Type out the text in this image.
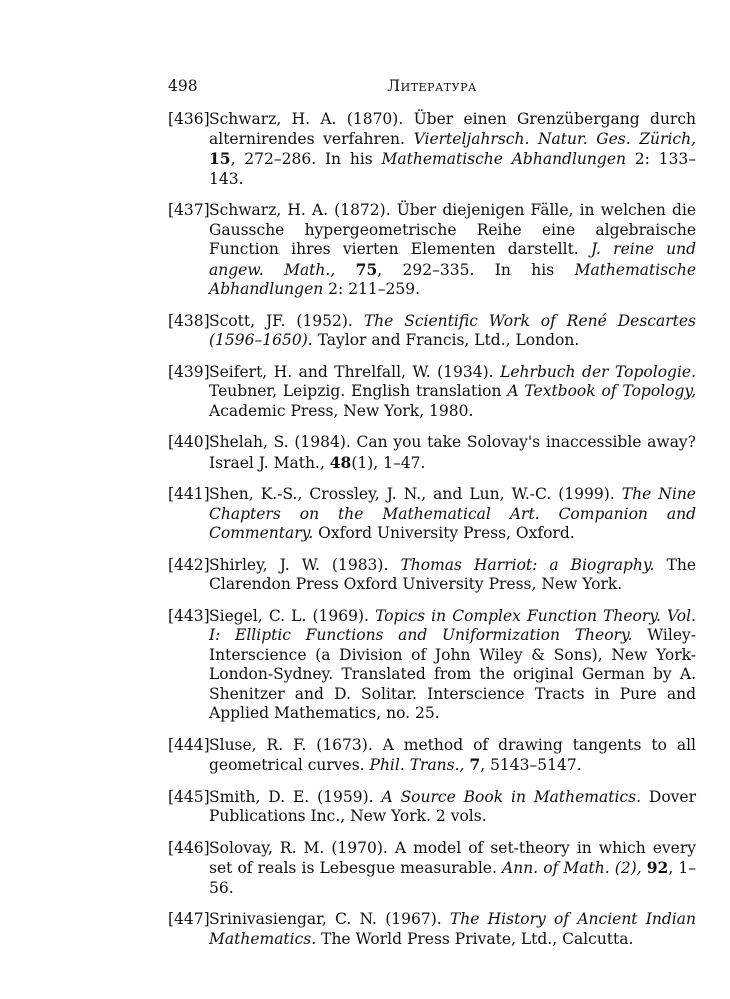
498	Литература
[436] Schwarz, H. A. (1870). Über einen Grenzübergang durch alternirendes verfahren. Vierteljahrsch. Natur. Ges. Zürich, 15, 272–286. In his Mathematische Abhandlungen 2: 133–143.
[437] Schwarz, H. A. (1872). Über diejenigen Fälle, in welchen die Gaussche hypergeometrische Reihe eine algebraische Function ihres vierten Elementen darstellt. J. reine und angew. Math., 75, 292–335. In his Mathematische Abhandlungen 2: 211–259.
[438] Scott, JF. (1952). The Scientific Work of René Descartes (1596–1650). Taylor and Francis, Ltd., London.
[439] Seifert, H. and Threlfall, W. (1934). Lehrbuch der Topologie. Teubner, Leipzig. English translation A Textbook of Topology, Academic Press, New York, 1980.
[440] Shelah, S. (1984). Can you take Solovay's inaccessible away? Israel J. Math., 48(1), 1–47.
[441] Shen, K.-S., Crossley, J. N., and Lun, W.-C. (1999). The Nine Chapters on the Mathematical Art. Companion and Commentary. Oxford University Press, Oxford.
[442] Shirley, J. W. (1983). Thomas Harriot: a Biography. The Clarendon Press Oxford University Press, New York.
[443] Siegel, C. L. (1969). Topics in Complex Function Theory. Vol. I: Elliptic Functions and Uniformization Theory. Wiley-Interscience (a Division of John Wiley & Sons), New York-London-Sydney. Translated from the original German by A. Shenitzer and D. Solitar. Interscience Tracts in Pure and Applied Mathematics, no. 25.
[444] Sluse, R. F. (1673). A method of drawing tangents to all geometrical curves. Phil. Trans., 7, 5143–5147.
[445] Smith, D. E. (1959). A Source Book in Mathematics. Dover Publications Inc., New York. 2 vols.
[446] Solovay, R. M. (1970). A model of set-theory in which every set of reals is Lebesgue measurable. Ann. of Math. (2), 92, 1–56.
[447] Srinivasiengar, C. N. (1967). The History of Ancient Indian Mathematics. The World Press Private, Ltd., Calcutta.
